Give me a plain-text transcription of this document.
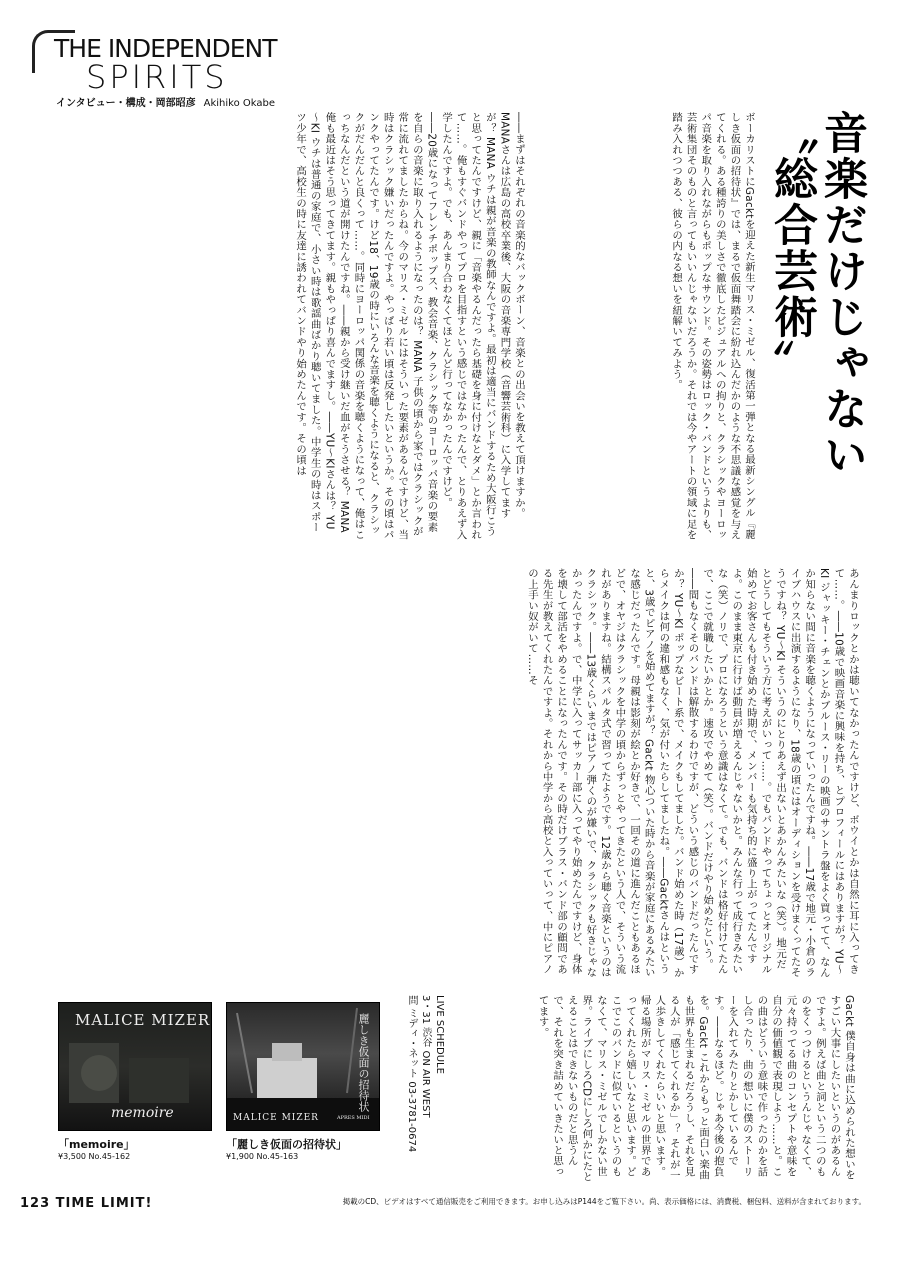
THE INDEPENDENT
SPIRITS
インタビュー・構成・岡部昭彦 Akihiko Okabe
音楽だけじゃない〝総合芸術〟

ボーカリストにGacktを迎えた新生マリス・ミゼル、復活第一弾となる最新シングル『麗しき仮面の招待状』では、まるで仮面舞踏会に紛れ込んだかのような不思議な感覚を与えてくれる。ある種誇りの美しさで徹底したビジュアルへの拘りと、クラシックやヨーロッパ音楽を取り入れながらもポップなサウンド。その姿勢はロック・バンドというよりも、芸術集団そのものと言ってもいいんじゃないだろうか。それでは今やアートの領域に足を踏み入れつつある、彼らの内なる想いを紐解いてみよう。

――まずはそれぞれの音楽的なバックボーン、音楽との出会いを教えて頂けますか。MANAさんは広島の高校卒業後、大阪の音楽専門学校（音響芸術科）に入学してますが？ MANA ウチは親が音楽の教師なんですよ。最初は適当にバンドするため大阪行こうと思ってたんですけど、親に「音楽やるんだったら基礎を身に付けなとダメ」とか言われて……。俺もすぐバンドやってプロを目指すという感じではなかったんで、とりあえず入学したんですよ。でも、あんまり合わなくてほとんど行ってなかったんですけど。――20歳になってフレンチポップス、教会音楽、クラシック等のヨーロッパ音楽の要素を自らの音楽に取り入れるようになったのは？ MANA 子供の頃から家ではクラシックが常に流れてましたからね。今のマリス・ミゼルにはそういった要素があるんですけど、当時はクラシック嫌いだったんですよ。やっぱり若い頃は反発したいというか。その頃はパンクやってたんです。けど18、19歳の時にいろんな音楽を聴くようになると、クラシックがだんだんと良くって……。同時にヨーロッパ関係の音楽を聴くようになって、俺はこっちなんだという道が開けたんですね。――親から受け継いだ血がそうさせる？ MANA 俺も最近はそう思ってきてます。親もやっぱり喜んでますし。――YU～KIさんは？ YU～KI ウチは普通の家庭で、小さい時は歌謡曲ばかり聴いてました。中学生の時はスポーツ少年で、高校生の時に友達に誘われてバンドやり始めたんです。その頃は

あんまりロックとかは聴いてなかったんですけど、ボウイとかは自然に耳に入ってきて……。――10歳で映画音楽に興味を持ち、とプロフィールにはありますが？ YU～KI ジャッキー・チェンとかブルース・リーの映画のサントラ盤をよく買ってて、なんか知らない間に音楽を聴くようになっていったんですね。――17歳で地元・小倉のライブハウスに出演するようになり、18歳の頃にはオーディションを受けまくってたそうですね？ YU～KI そういうのにとりあえず出ないとあかんみたいな（笑）。地元だとどうしてもそういう方に考えがいって……。でもバンドやってちょっとオリジナル始めてお客さんも付き始めた時期で、メンバーも気持ち的に盛り上がってたんですよ。このまま東京に行けば動員が増えるんじゃないかと。みんな行って成行きみたいな（笑）ノリで、プロになろうという意識はなくて。でも、バンドは格好付けてたんで、ここで就職したいかとか。速攻でやめて（笑）。バンドだけやり始めたという。――間もなくそのバンドは解散するわけですが、どういう感じのバンドだったんですか？ YU～KI ポップなビート系で、メイクもしてました。バンド始めた時（17歳）からメイクは何の違和感もなく、気が付いたらしてましたね。――Gacktさんはというと、3歳でピアノを始めてますが？ Gackt 物心ついた時から音楽が家庭にあるみたいな感じだったんです。母親は影刻が絵とか好きで、一回その道に進んだこともあるほどで、オヤジはクラシックを中学の頃からずっとやってきたという人で、そういう流れがありますね。結構スパルタ式で習ってたようです。12歳から聴く音楽というのはクラシック。――13歳くらいまではピアノ弾くのが嫌いで、クラシックも好きじゃなかったんですよ。で、中学に入ってサッカー部に入ってやり始めたんですけど、身体を壊して部活をやめることになったんです。その時だけブラス・バンド部の顧問である先生が教えてくれたんですよ。それから中学から高校と入っていって、中にピアノの上手い奴がいて……そ

Gackt 僕自身は曲に込められた想いをすごい大事にしたいというのがあるんですよ。例えば曲と詞という二つのものをくっつけるというんじゃなくて、元々持ってる曲のコンセプトや意味を自分の価値観で表現しよう……と。この曲はどういう意味で作ったのかを話し合ったり、曲の想いに僕のストーリーを入れてみたりとかしているんです。――なるほど。じゃあ今後の抱負を。Gackt これからもっと面白い楽曲も世界も生まれるだろうし、それを見る人が「感じてくれるか」？ それが一人歩きしてくれたらいいと思います。帰る場所がマリス・ミゼルの世界であってくれたら嬉しいなと思います。どこでこのバンドに似ているというのもなくて、マリス・ミゼルでしかない世界。ライブにしろCDにしろ何かにたとえることはできないものだと思うんで、それを突き詰めていきたいと思ってます。

LIVE SCHEDULE
3・31 渋谷 ON AIR WEST
問 ミディ・ネット 03-3781-0674
MALICE MIZER
memoire
麗しき仮面の招待状
MALICE MIZER	APRES MIDI
「memoire」
¥3,500 No.45-162
「麗しき仮面の招待状」
¥1,900 No.45-163
123 TIME LIMIT!	掲載のCD、ビデオはすべて通信販売をご利用できます。お申し込みはP144をご覧下さい。尚、表示価格には、消費税、梱包料、送料が含まれております。
